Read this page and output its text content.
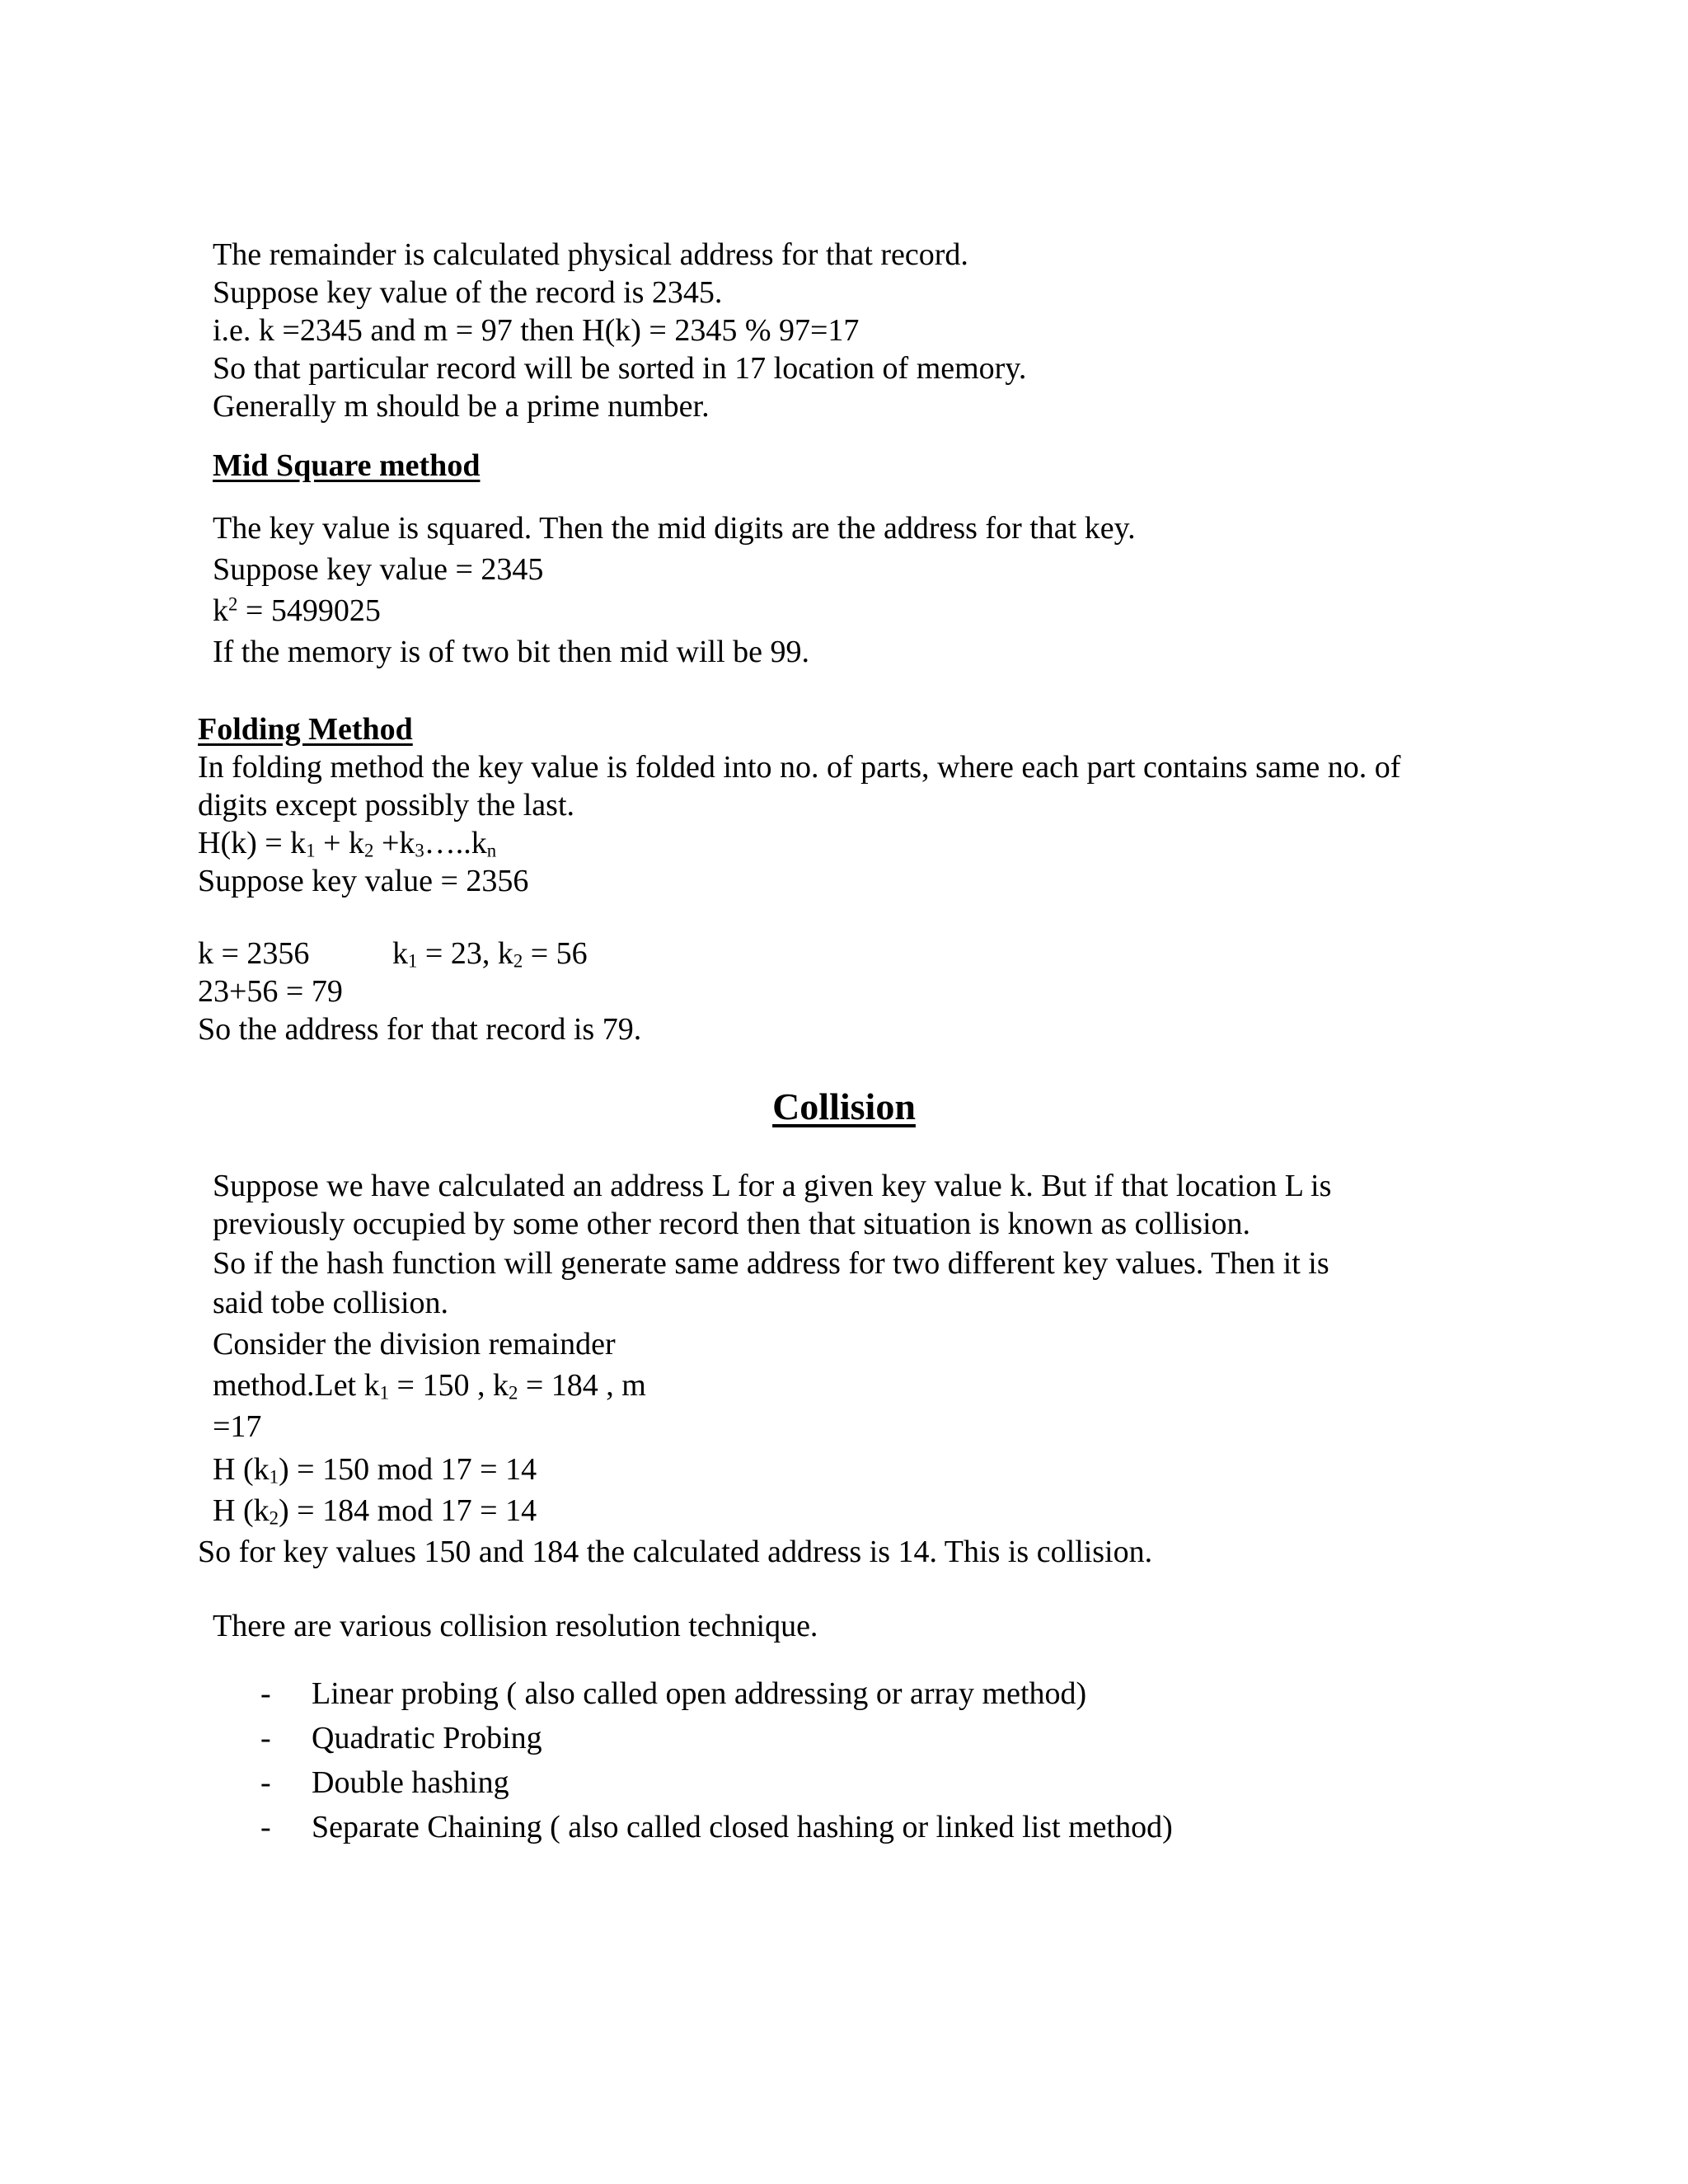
The remainder is calculated physical address for that record.
Suppose key value of the record is 2345.
i.e. k =2345 and m = 97 then H(k) = 2345 % 97=17
So that particular record will be sorted in 17 location of memory.
Generally m should be a prime number.
Mid Square method
The key value is squared. Then the mid digits are the address for that key.
Suppose key value = 2345
$k^2 = 5499025$
If the memory is of two bit then mid will be 99.
Folding Method
In folding method the key value is folded into no. of parts, where each part contains same no. of
digits except possibly the last.
$H(k) = k_1 + k_2$ $+k_3\dots..k_n$
Suppose key value = 2356
k = 2356	$k_1 = 23$, $k_2 = 56$
23+56 = 79
So the address for that record is 79.
Collision
Suppose we have calculated an address L for a given key value k. But if that location L is
previously occupied by some other record then that situation is known as collision.
So if the hash function will generate same address for two different key values. Then it is
said tobe collision.
Consider the division remainder
method.Let $k_1 = 150$ , $k_2 = 184$ , m
=17
H $(k_1) = 150$ mod 17 = 14
H $(k_2) = 184$ mod 17 = 14
So for key values 150 and 184 the calculated address is 14. This is collision.
There are various collision resolution technique.
- Linear probing ( also called open addressing or array method)
- Quadratic Probing
- Double hashing
- Separate Chaining ( also called closed hashing or linked list method)
